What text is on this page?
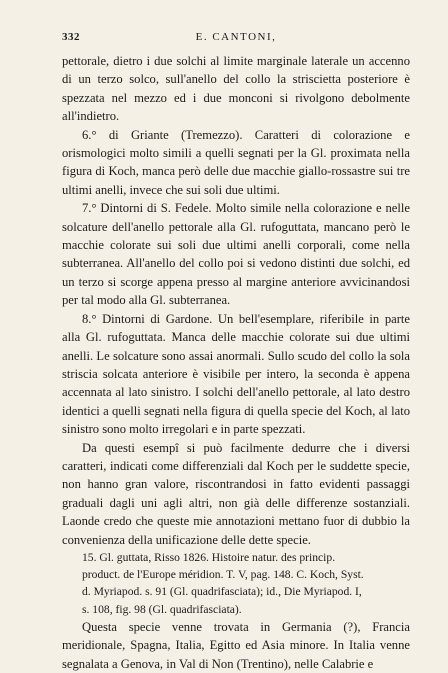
332	E. CANTONI,

pettorale, dietro i due solchi al limite marginale laterale un accenno di un terzo solco, sull'anello del collo la striscietta posteriore è spezzata nel mezzo ed i due monconi si rivolgono debolmente all'indietro.

6.° di Griante (Tremezzo). Caratteri di colorazione e orismologici molto simili a quelli segnati per la Gl. proximata nella figura di Koch, manca però delle due macchie giallo-rossastre sui tre ultimi anelli, invece che sui soli due ultimi.

7.° Dintorni di S. Fedele. Molto simile nella colorazione e nelle solcature dell'anello pettorale alla Gl. rufoguttata, mancano però le macchie colorate sui soli due ultimi anelli corporali, come nella subterranea. All'anello del collo poi si vedono distinti due solchi, ed un terzo si scorge appena presso al margine anteriore avvicinandosi per tal modo alla Gl. subterranea.

8.° Dintorni di Gardone. Un bell'esemplare, riferibile in parte alla Gl. rufoguttata. Manca delle macchie colorate sui due ultimi anelli. Le solcature sono assai anormali. Sullo scudo del collo la sola striscia solcata anteriore è visibile per intero, la seconda è appena accennata al lato sinistro. I solchi dell'anello pettorale, al lato destro identici a quelli segnati nella figura di quella specie del Koch, al lato sinistro sono molto irregolari e in parte spezzati.

Da questi esempî si può facilmente dedurre che i diversi caratteri, indicati come differenziali dal Koch per le suddette specie, non hanno gran valore, riscontrandosi in fatto evidenti passaggi graduali dagli uni agli altri, non già delle differenze sostanziali. Laonde credo che queste mie annotazioni mettano fuor di dubbio la convenienza della unificazione delle dette specie.

15. Gl. guttata, Risso 1826. Histoire natur. des princip.
product. de l'Europe méridion. T. V, pag. 148. C. Koch, Syst.
d. Myriapod. s. 91 (Gl. quadrifasciata); id., Die Myriapod. I,
s. 108, fig. 98 (Gl. quadrifasciata).

Questa specie venne trovata in Germania (?), Francia meridionale, Spagna, Italia, Egitto ed Asia minore. In Italia venne segnalata a Genova, in Val di Non (Trentino), nelle Calabrie e
